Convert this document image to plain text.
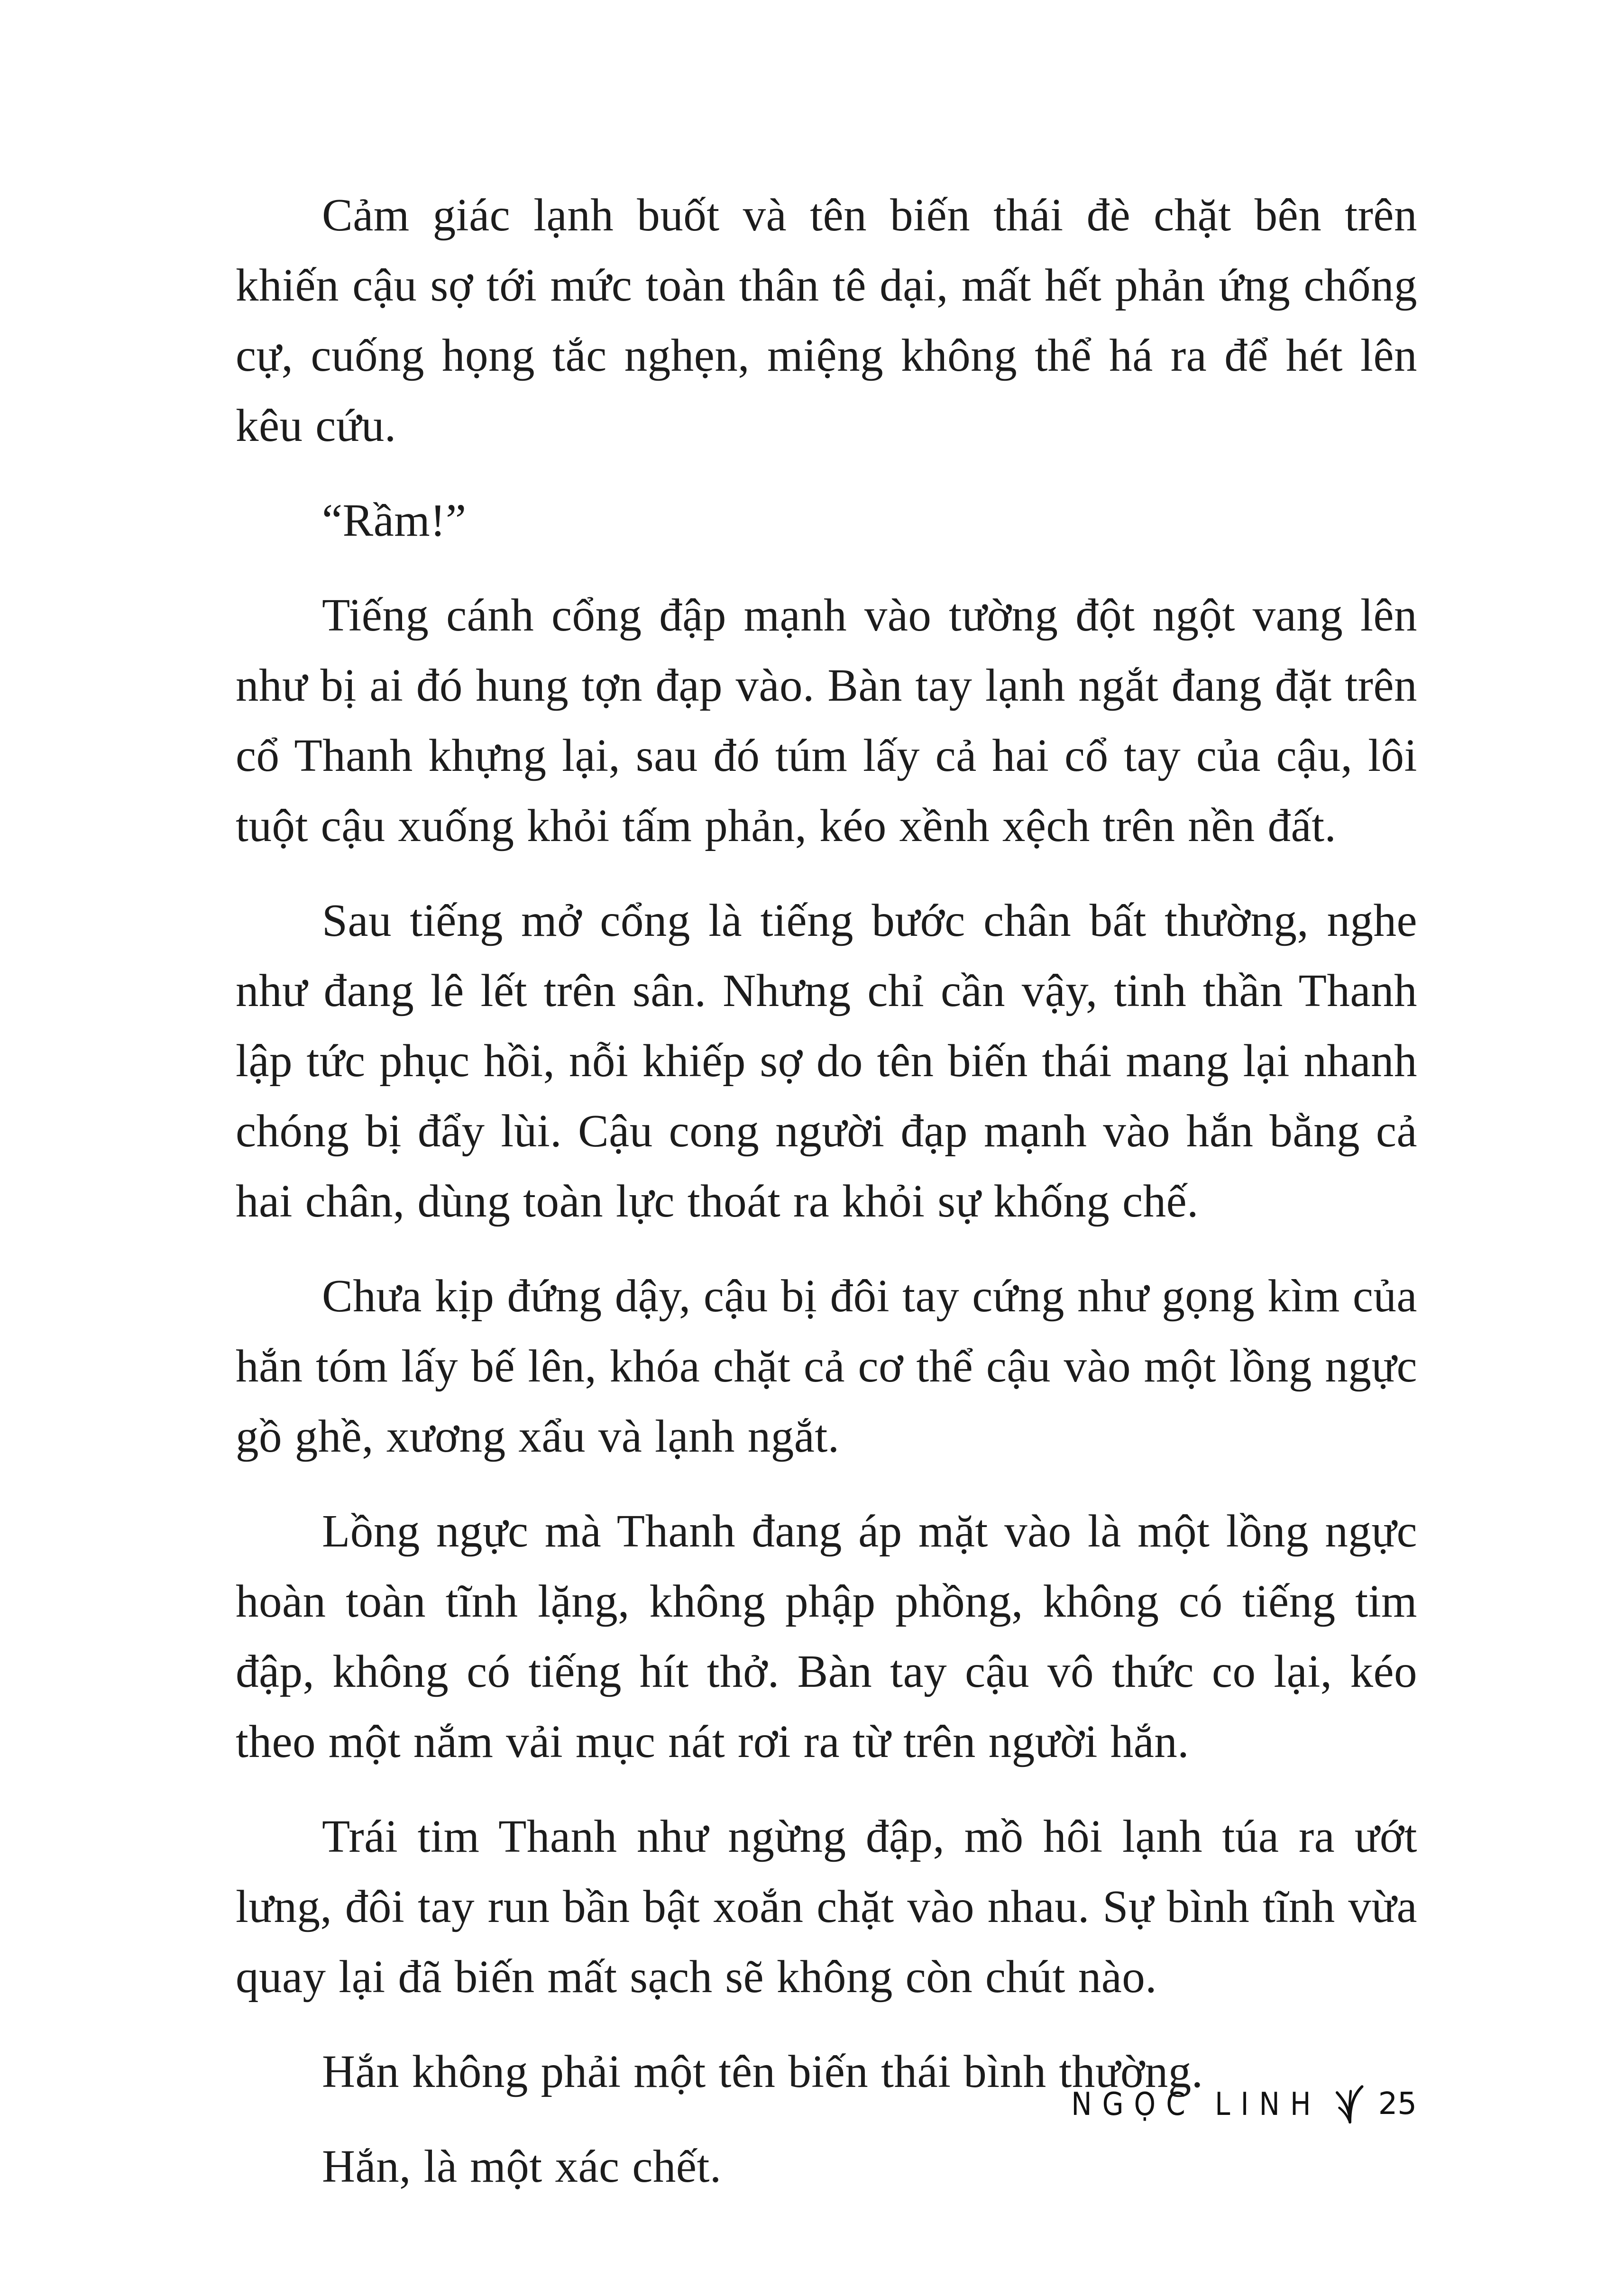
Cảm giác lạnh buốt và tên biến thái đè chặt bên trên khiến cậu sợ tới mức toàn thân tê dại, mất hết phản ứng chống cự, cuống họng tắc nghẹn, miệng không thể há ra để hét lên kêu cứu.

“Rầm!”

Tiếng cánh cổng đập mạnh vào tường đột ngột vang lên như bị ai đó hung tợn đạp vào. Bàn tay lạnh ngắt đang đặt trên cổ Thanh khựng lại, sau đó túm lấy cả hai cổ tay của cậu, lôi tuột cậu xuống khỏi tấm phản, kéo xềnh xệch trên nền đất.

Sau tiếng mở cổng là tiếng bước chân bất thường, nghe như đang lê lết trên sân. Nhưng chỉ cần vậy, tinh thần Thanh lập tức phục hồi, nỗi khiếp sợ do tên biến thái mang lại nhanh chóng bị đẩy lùi. Cậu cong người đạp mạnh vào hắn bằng cả hai chân, dùng toàn lực thoát ra khỏi sự khống chế.

Chưa kịp đứng dậy, cậu bị đôi tay cứng như gọng kìm của hắn tóm lấy bế lên, khóa chặt cả cơ thể cậu vào một lồng ngực gồ ghề, xương xẩu và lạnh ngắt.

Lồng ngực mà Thanh đang áp mặt vào là một lồng ngực hoàn toàn tĩnh lặng, không phập phồng, không có tiếng tim đập, không có tiếng hít thở. Bàn tay cậu vô thức co lại, kéo theo một nắm vải mục nát rơi ra từ trên người hắn.

Trái tim Thanh như ngừng đập, mồ hôi lạnh túa ra ướt lưng, đôi tay run bần bật xoắn chặt vào nhau. Sự bình tĩnh vừa quay lại đã biến mất sạch sẽ không còn chút nào.

Hắn không phải một tên biến thái bình thường.

Hắn, là một xác chết.

NGỌC LINH 25
